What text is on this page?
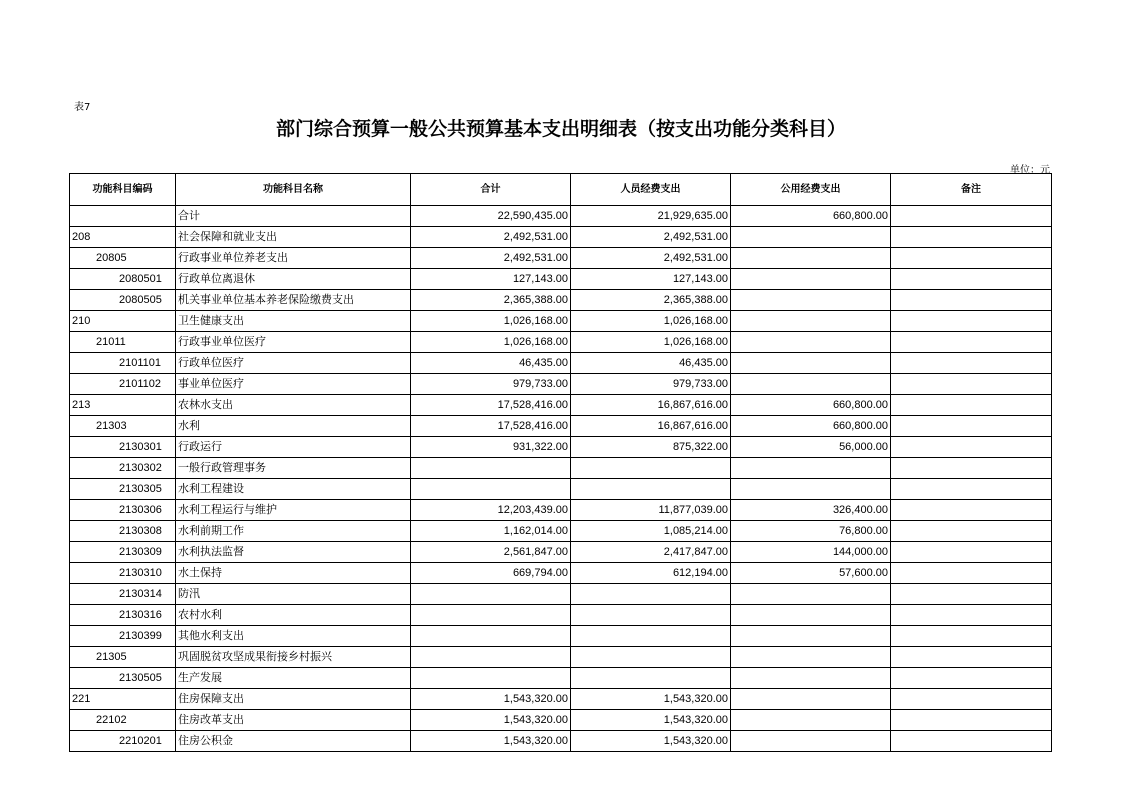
表7
部门综合预算一般公共预算基本支出明细表（按支出功能分类科目）
单位：元
功能科目编码	功能科目名称	合计	人员经费支出	公用经费支出	备注
	合计	22,590,435.00	21,929,635.00	660,800.00	
208	社会保障和就业支出	2,492,531.00	2,492,531.00		
20805	行政事业单位养老支出	2,492,531.00	2,492,531.00		
2080501	行政单位离退休	127,143.00	127,143.00		
2080505	机关事业单位基本养老保险缴费支出	2,365,388.00	2,365,388.00		
210	卫生健康支出	1,026,168.00	1,026,168.00		
21011	行政事业单位医疗	1,026,168.00	1,026,168.00		
2101101	行政单位医疗	46,435.00	46,435.00		
2101102	事业单位医疗	979,733.00	979,733.00		
213	农林水支出	17,528,416.00	16,867,616.00	660,800.00	
21303	水利	17,528,416.00	16,867,616.00	660,800.00	
2130301	行政运行	931,322.00	875,322.00	56,000.00	
2130302	一般行政管理事务				
2130305	水利工程建设				
2130306	水利工程运行与维护	12,203,439.00	11,877,039.00	326,400.00	
2130308	水利前期工作	1,162,014.00	1,085,214.00	76,800.00	
2130309	水利执法监督	2,561,847.00	2,417,847.00	144,000.00	
2130310	水土保持	669,794.00	612,194.00	57,600.00	
2130314	防汛				
2130316	农村水利				
2130399	其他水利支出				
21305	巩固脱贫攻坚成果衔接乡村振兴				
2130505	生产发展				
221	住房保障支出	1,543,320.00	1,543,320.00		
22102	住房改革支出	1,543,320.00	1,543,320.00		
2210201	住房公积金	1,543,320.00	1,543,320.00		
